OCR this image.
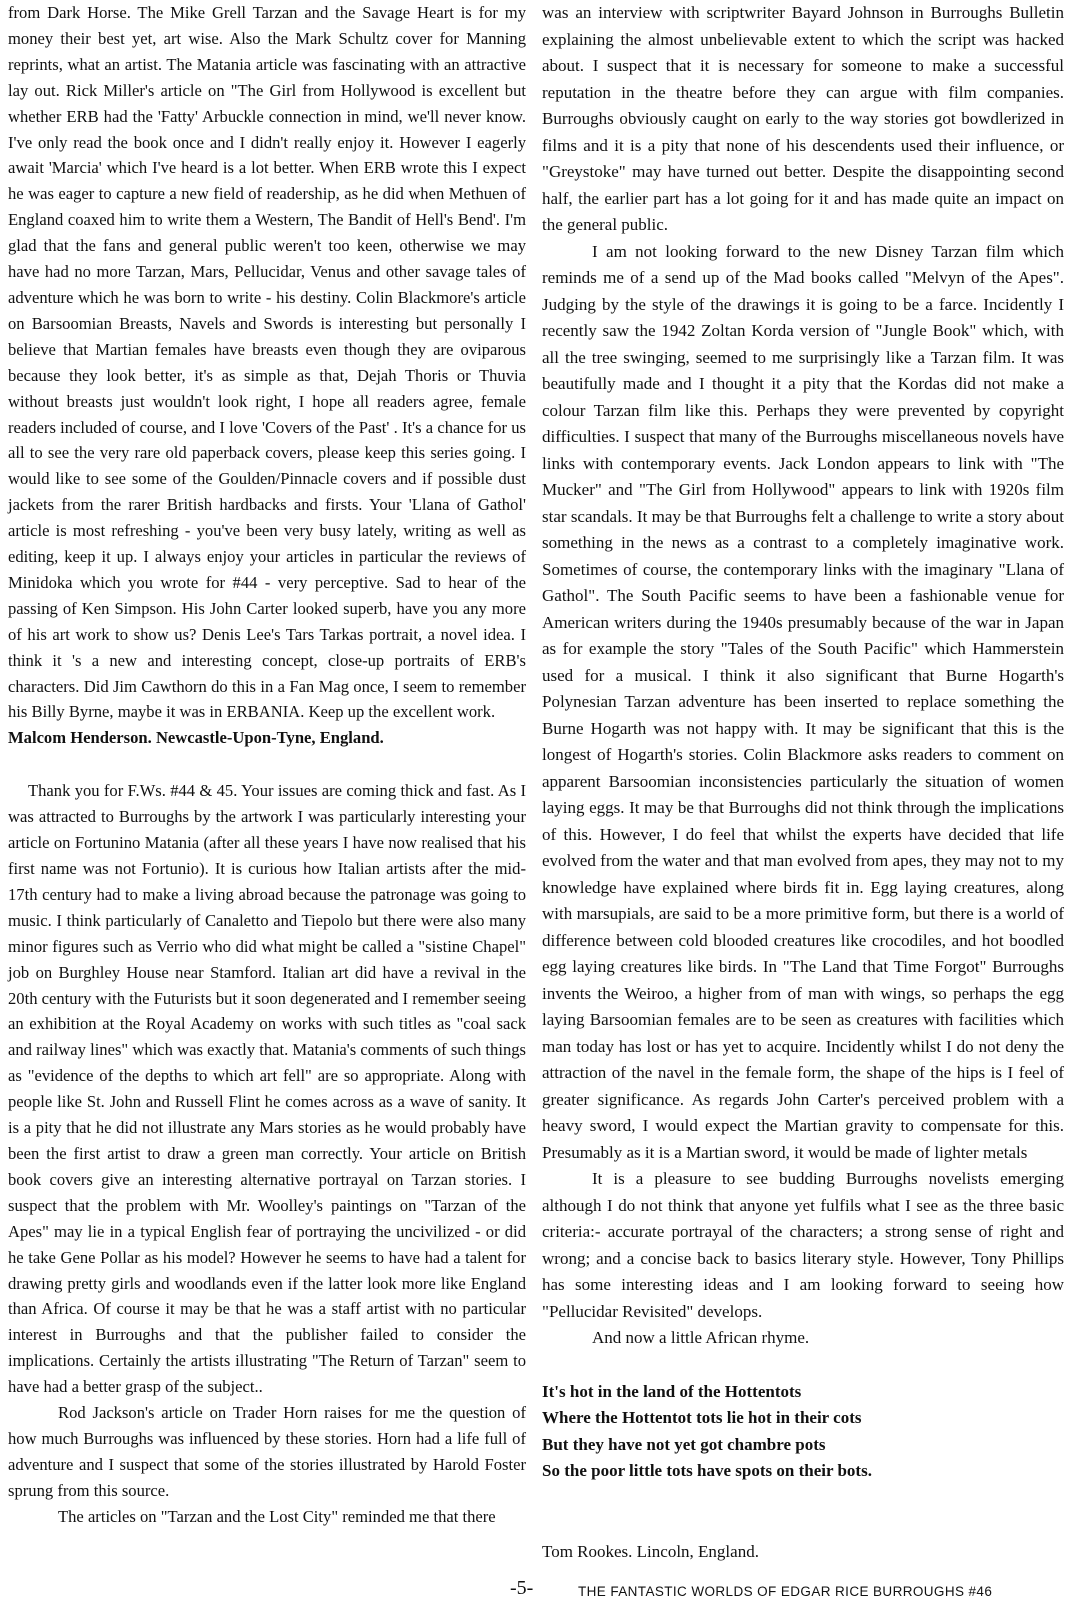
from Dark Horse. The Mike Grell Tarzan and the Savage Heart is for my money their best yet, art wise. Also the Mark Schultz cover for Manning reprints, what an artist. The Matania article was fascinating with an attractive lay out. Rick Miller's article on "The Girl from Hollywood is excellent but whether ERB had the 'Fatty' Arbuckle connection in mind, we'll never know. I've only read the book once and I didn't really enjoy it. However I eagerly await 'Marcia' which I've heard is a lot better. When ERB wrote this I expect he was eager to capture a new field of readership, as he did when Methuen of England coaxed him to write them a Western, The Bandit of Hell's Bend'. I'm glad that the fans and general public weren't too keen, otherwise we may have had no more Tarzan, Mars, Pellucidar, Venus and other savage tales of adventure which he was born to write - his destiny. Colin Blackmore's article on Barsoomian Breasts, Navels and Swords is interesting but personally I believe that Martian females have breasts even though they are oviparous because they look better, it's as simple as that, Dejah Thoris or Thuvia without breasts just wouldn't look right, I hope all readers agree, female readers included of course, and I love 'Covers of the Past' . It's a chance for us all to see the very rare old paperback covers, please keep this series going. I would like to see some of the Goulden/Pinnacle covers and if possible dust jackets from the rarer British hardbacks and firsts. Your 'Llana of Gathol' article is most refreshing - you've been very busy lately, writing as well as editing, keep it up. I always enjoy your articles in particular the reviews of Minidoka which you wrote for #44 - very perceptive. Sad to hear of the passing of Ken Simpson. His John Carter looked superb, have you any more of his art work to show us? Denis Lee's Tars Tarkas portrait, a novel idea. I think it 's a new and interesting concept, close-up portraits of ERB's characters. Did Jim Cawthorn do this in a Fan Mag once, I seem to remember his Billy Byrne, maybe it was in ERBANIA. Keep up the excellent work.

Malcom Henderson. Newcastle-Upon-Tyne, England.

Thank you for F.Ws. #44 & 45. Your issues are coming thick and fast. As I was attracted to Burroughs by the artwork I was particularly interesting your article on Fortunino Matania (after all these years I have now realised that his first name was not Fortunio). It is curious how Italian artists after the mid-17th century had to make a living abroad because the patronage was going to music. I think particularly of Canaletto and Tiepolo but there were also many minor figures such as Verrio who did what might be called a "sistine Chapel" job on Burghley House near Stamford. Italian art did have a revival in the 20th century with the Futurists but it soon degenerated and I remember seeing an exhibition at the Royal Academy on works with such titles as "coal sack and railway lines" which was exactly that. Matania's comments of such things as "evidence of the depths to which art fell" are so appropriate. Along with people like St. John and Russell Flint he comes across as a wave of sanity. It is a pity that he did not illustrate any Mars stories as he would probably have been the first artist to draw a green man correctly. Your article on British book covers give an interesting alternative portrayal on Tarzan stories. I suspect that the problem with Mr. Woolley's paintings on "Tarzan of the Apes" may lie in a typical English fear of portraying the uncivilized - or did he take Gene Pollar as his model? However he seems to have had a talent for drawing pretty girls and woodlands even if the latter look more like England than Africa. Of course it may be that he was a staff artist with no particular interest in Burroughs and that the publisher failed to consider the implications. Certainly the artists illustrating "The Return of Tarzan" seem to have had a better grasp of the subject..

Rod Jackson's article on Trader Horn raises for me the question of how much Burroughs was influenced by these stories. Horn had a life full of adventure and I suspect that some of the stories illustrated by Harold Foster sprung from this source.

The articles on "Tarzan and the Lost City" reminded me that there

was an interview with scriptwriter Bayard Johnson in Burroughs Bulletin explaining the almost unbelievable extent to which the script was hacked about. I suspect that it is necessary for someone to make a successful reputation in the theatre before they can argue with film companies. Burroughs obviously caught on early to the way stories got bowdlerized in films and it is a pity that none of his descendents used their influence, or "Greystoke" may have turned out better. Despite the disappointing second half, the earlier part has a lot going for it and has made quite an impact on the general public.

I am not looking forward to the new Disney Tarzan film which reminds me of a send up of the Mad books called "Melvyn of the Apes". Judging by the style of the drawings it is going to be a farce. Incidently I recently saw the 1942 Zoltan Korda version of "Jungle Book" which, with all the tree swinging, seemed to me surprisingly like a Tarzan film. It was beautifully made and I thought it a pity that the Kordas did not make a colour Tarzan film like this. Perhaps they were prevented by copyright difficulties. I suspect that many of the Burroughs miscellaneous novels have links with contemporary events. Jack London appears to link with "The Mucker" and "The Girl from Hollywood" appears to link with 1920s film star scandals. It may be that Burroughs felt a challenge to write a story about something in the news as a contrast to a completely imaginative work. Sometimes of course, the contemporary links with the imaginary "Llana of Gathol". The South Pacific seems to have been a fashionable venue for American writers during the 1940s presumably because of the war in Japan as for example the story "Tales of the South Pacific" which Hammerstein used for a musical. I think it also significant that Burne Hogarth's Polynesian Tarzan adventure has been inserted to replace something the Burne Hogarth was not happy with. It may be significant that this is the longest of Hogarth's stories. Colin Blackmore asks readers to comment on apparent Barsoomian inconsistencies particularly the situation of women laying eggs. It may be that Burroughs did not think through the implications of this. However, I do feel that whilst the experts have decided that life evolved from the water and that man evolved from apes, they may not to my knowledge have explained where birds fit in. Egg laying creatures, along with marsupials, are said to be a more primitive form, but there is a world of difference between cold blooded creatures like crocodiles, and hot boodled egg laying creatures like birds. In "The Land that Time Forgot" Burroughs invents the Weiroo, a higher from of man with wings, so perhaps the egg laying Barsoomian females are to be seen as creatures with facilities which man today has lost or has yet to acquire. Incidently whilst I do not deny the attraction of the navel in the female form, the shape of the hips is I feel of greater significance. As regards John Carter's perceived problem with a heavy sword, I would expect the Martian gravity to compensate for this. Presumably as it is a Martian sword, it would be made of lighter metals

It is a pleasure to see budding Burroughs novelists emerging although I do not think that anyone yet fulfils what I see as the three basic criteria:- accurate portrayal of the characters; a strong sense of right and wrong; and a concise back to basics literary style. However, Tony Phillips has some interesting ideas and I am looking forward to seeing how "Pellucidar Revisited" develops.

And now a little African rhyme.

It's hot in the land of the Hottentots

Where the Hottentot tots lie hot in their cots

But they have not yet got chambre pots

So the poor little tots have spots on their bots.

Tom Rookes. Lincoln, England.

-5-	THE FANTASTIC WORLDS OF EDGAR RICE BURROUGHS #46
